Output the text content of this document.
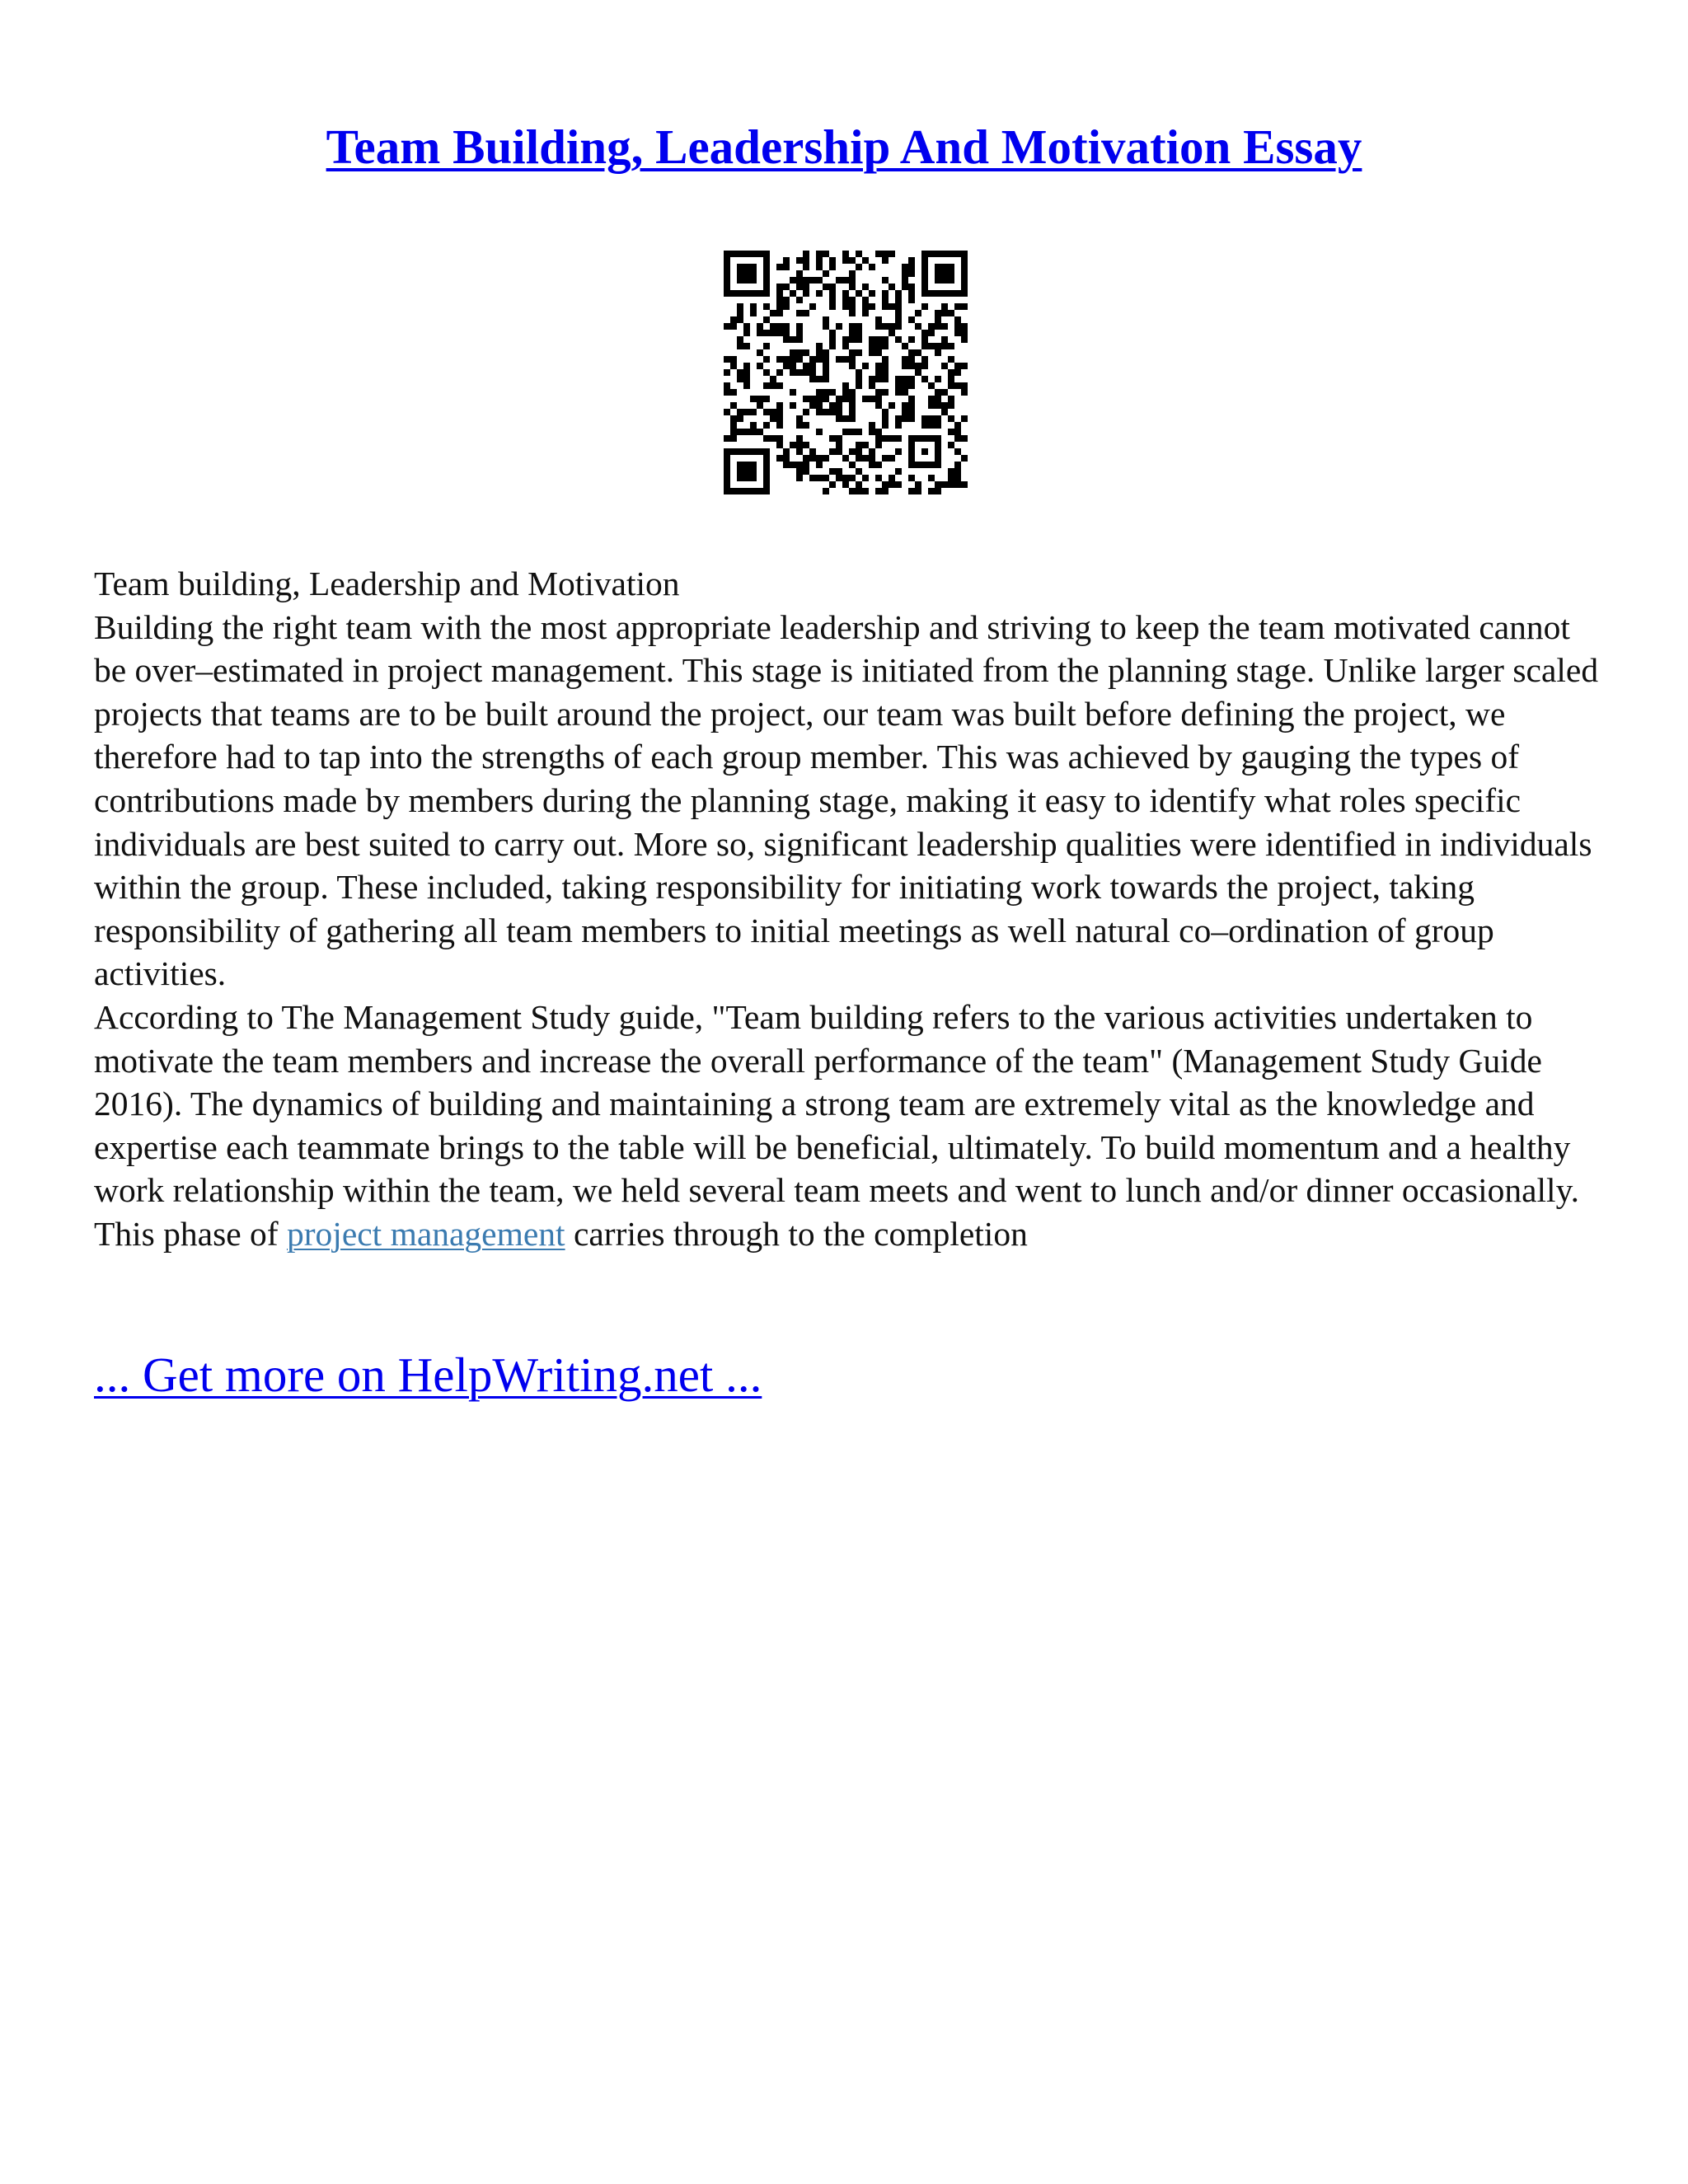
Team Building, Leadership And Motivation Essay

Team building, Leadership and Motivation

Building the right team with the most appropriate leadership and striving to keep the team motivated cannot be over–estimated in project management. This stage is initiated from the planning stage. Unlike larger scaled projects that teams are to be built around the project, our team was built before defining the project, we therefore had to tap into the strengths of each group member. This was achieved by gauging the types of contributions made by members during the planning stage, making it easy to identify what roles specific individuals are best suited to carry out. More so, significant leadership qualities were identified in individuals within the group. These included, taking responsibility for initiating work towards the project, taking responsibility of gathering all team members to initial meetings as well natural co–ordination of group activities.

According to The Management Study guide, "Team building refers to the various activities undertaken to motivate the team members and increase the overall performance of the team" (Management Study Guide 2016). The dynamics of building and maintaining a strong team are extremely vital as the knowledge and expertise each teammate brings to the table will be beneficial, ultimately. To build momentum and a healthy work relationship within the team, we held several team meets and went to lunch and/or dinner occasionally. This phase of project management carries through to the completion

... Get more on HelpWriting.net ...
